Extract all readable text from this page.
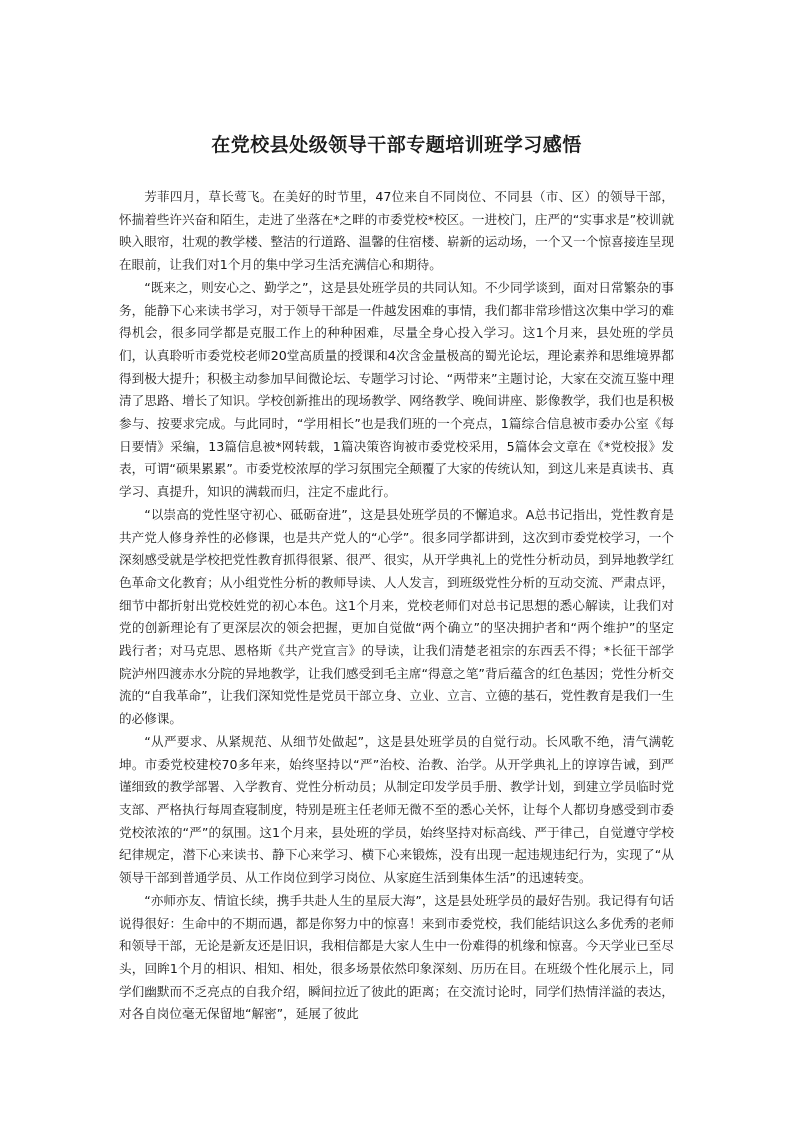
在党校县处级领导干部专题培训班学习感悟

芳菲四月，草长莺飞。在美好的时节里，47位来自不同岗位、不同县（市、区）的领导干部，怀揣着些许兴奋和陌生，走进了坐落在*之畔的市委党校*校区。一进校门，庄严的“实事求是”校训就映入眼帘，壮观的教学楼、整洁的行道路、温馨的住宿楼、崭新的运动场，一个又一个惊喜接连呈现在眼前，让我们对1个月的集中学习生活充满信心和期待。

“既来之，则安心之、勤学之”，这是县处班学员的共同认知。不少同学谈到，面对日常繁杂的事务，能静下心来读书学习，对于领导干部是一件越发困难的事情，我们都非常珍惜这次集中学习的难得机会，很多同学都是克服工作上的种种困难，尽量全身心投入学习。这1个月来，县处班的学员们，认真聆听市委党校老师20堂高质量的授课和4次含金量极高的蜀光论坛，理论素养和思维境界都得到极大提升；积极主动参加早间微论坛、专题学习讨论、“两带来”主题讨论，大家在交流互鉴中理清了思路、增长了知识。学校创新推出的现场教学、网络教学、晚间讲座、影像教学，我们也是积极参与、按要求完成。与此同时，“学用相长”也是我们班的一个亮点，1篇综合信息被市委办公室《每日要情》采编，13篇信息被*网转载，1篇决策咨询被市委党校采用，5篇体会文章在《*党校报》发表，可谓“硕果累累”。市委党校浓厚的学习氛围完全颠覆了大家的传统认知，到这儿来是真读书、真学习、真提升，知识的满载而归，注定不虚此行。

“以崇高的党性坚守初心、砥砺奋进”，这是县处班学员的不懈追求。A总书记指出，党性教育是共产党人修身养性的必修课，也是共产党人的“心学”。很多同学都讲到，这次到市委党校学习，一个深刻感受就是学校把党性教育抓得很紧、很严、很实，从开学典礼上的党性分析动员，到异地教学红色革命文化教育；从小组党性分析的教师导读、人人发言，到班级党性分析的互动交流、严肃点评，细节中都折射出党校姓党的初心本色。这1个月来，党校老师们对总书记思想的悉心解读，让我们对党的创新理论有了更深层次的领会把握，更加自觉做“两个确立”的坚决拥护者和“两个维护”的坚定践行者；对马克思、恩格斯《共产党宣言》的导读，让我们清楚老祖宗的东西丢不得；*长征干部学院泸州四渡赤水分院的异地教学，让我们感受到毛主席“得意之笔”背后蕴含的红色基因；党性分析交流的“自我革命”，让我们深知党性是党员干部立身、立业、立言、立德的基石，党性教育是我们一生的必修课。

“从严要求、从紧规范、从细节处做起”，这是县处班学员的自觉行动。长风歌不绝，清气满乾坤。市委党校建校70多年来，始终坚持以“严”治校、治教、治学。从开学典礼上的谆谆告诫，到严谨细致的教学部署、入学教育、党性分析动员；从制定印发学员手册、教学计划，到建立学员临时党支部、严格执行每周查寝制度，特别是班主任老师无微不至的悉心关怀，让每个人都切身感受到市委党校浓浓的“严”的氛围。这1个月来，县处班的学员，始终坚持对标高线、严于律己，自觉遵守学校纪律规定，潜下心来读书、静下心来学习、横下心来锻炼，没有出现一起违规违纪行为，实现了“从领导干部到普通学员、从工作岗位到学习岗位、从家庭生活到集体生活”的迅速转变。

“亦师亦友、情谊长续，携手共赴人生的星辰大海”，这是县处班学员的最好告别。我记得有句话说得很好：生命中的不期而遇，都是你努力中的惊喜！来到市委党校，我们能结识这么多优秀的老师和领导干部，无论是新友还是旧识，我相信都是大家人生中一份难得的机缘和惊喜。今天学业已至尽头，回眸1个月的相识、相知、相处，很多场景依然印象深刻、历历在目。在班级个性化展示上，同学们幽默而不乏亮点的自我介绍，瞬间拉近了彼此的距离；在交流讨论时，同学们热情洋溢的表达，对各自岗位毫无保留地“解密”，延展了彼此
